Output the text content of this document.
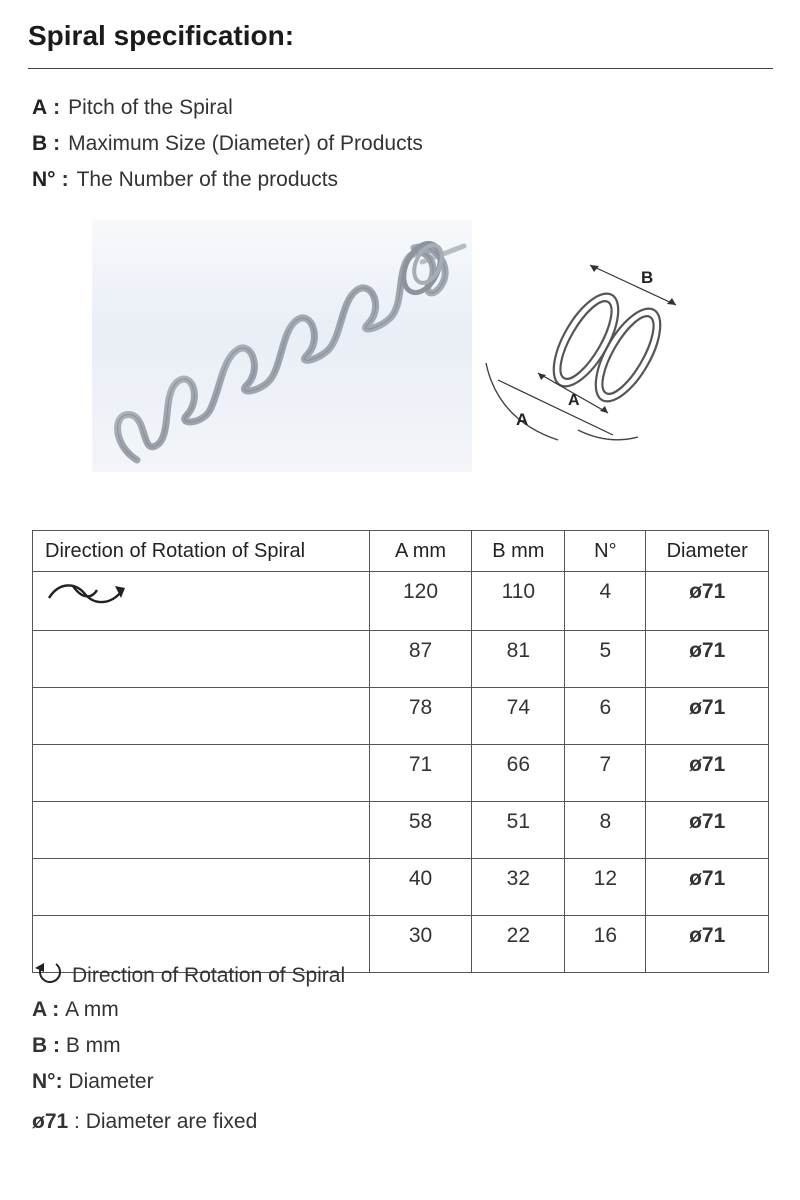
Spiral specification:
A : Pitch of the Spiral
B : Maximum Size (Diameter) of Products
N° : The Number of the products
B
A
A
Direction of Rotation of Spiral	A mm	B mm	N°	Diameter
	120	110	4	ø71
	87	81	5	ø71
	78	74	6	ø71
	71	66	7	ø71
	58	51	8	ø71
	40	32	12	ø71
	30	22	16	ø71
Direction of Rotation of Spiral
A : A mm
B : B mm
N°: Diameter
ø71 : Diameter are fixed
